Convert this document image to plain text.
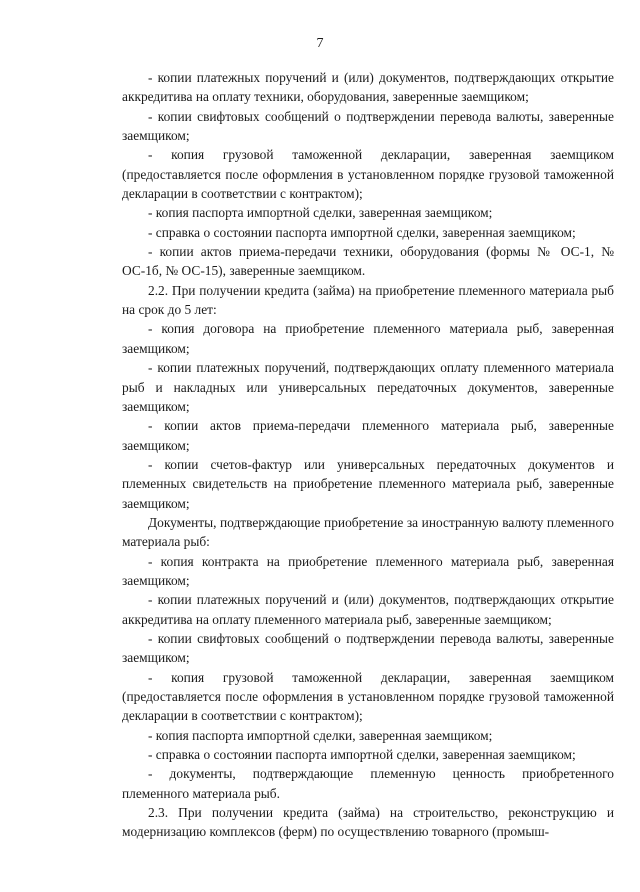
7

- копии платежных поручений и (или) документов, подтверждающих открытие аккредитива на оплату техники, оборудования, заверенные заемщиком;

- копии свифтовых сообщений о подтверждении перевода валюты, заверенные заемщиком;

- копия грузовой таможенной декларации, заверенная заемщиком (предоставляется после оформления в установленном порядке грузовой таможенной декларации в соответствии с контрактом);

- копия паспорта импортной сделки, заверенная заемщиком;

- справка о состоянии паспорта импортной сделки, заверенная заемщиком;

- копии актов приема-передачи техники, оборудования (формы № ОС-1, № ОС-1б, № ОС-15), заверенные заемщиком.

2.2. При получении кредита (займа) на приобретение племенного материала рыб на срок до 5 лет:

- копия договора на приобретение племенного материала рыб, заверенная заемщиком;

- копии платежных поручений, подтверждающих оплату племенного материала рыб и накладных или универсальных передаточных документов, заверенные заемщиком;

- копии актов приема-передачи племенного материала рыб, заверенные заемщиком;

- копии счетов-фактур или универсальных передаточных документов и племенных свидетельств на приобретение племенного материала рыб, заверенные заемщиком;

Документы, подтверждающие приобретение за иностранную валюту племенного материала рыб:

- копия контракта на приобретение племенного материала рыб, заверенная заемщиком;

- копии платежных поручений и (или) документов, подтверждающих открытие аккредитива на оплату племенного материала рыб, заверенные заемщиком;

- копии свифтовых сообщений о подтверждении перевода валюты, заверенные заемщиком;

- копия грузовой таможенной декларации, заверенная заемщиком (предоставляется после оформления в установленном порядке грузовой таможенной декларации в соответствии с контрактом);

- копия паспорта импортной сделки, заверенная заемщиком;

- справка о состоянии паспорта импортной сделки, заверенная заемщиком;

- документы, подтверждающие племенную ценность приобретенного племенного материала рыб.

2.3. При получении кредита (займа) на строительство, реконструкцию и модернизацию комплексов (ферм) по осуществлению товарного (промыш-
